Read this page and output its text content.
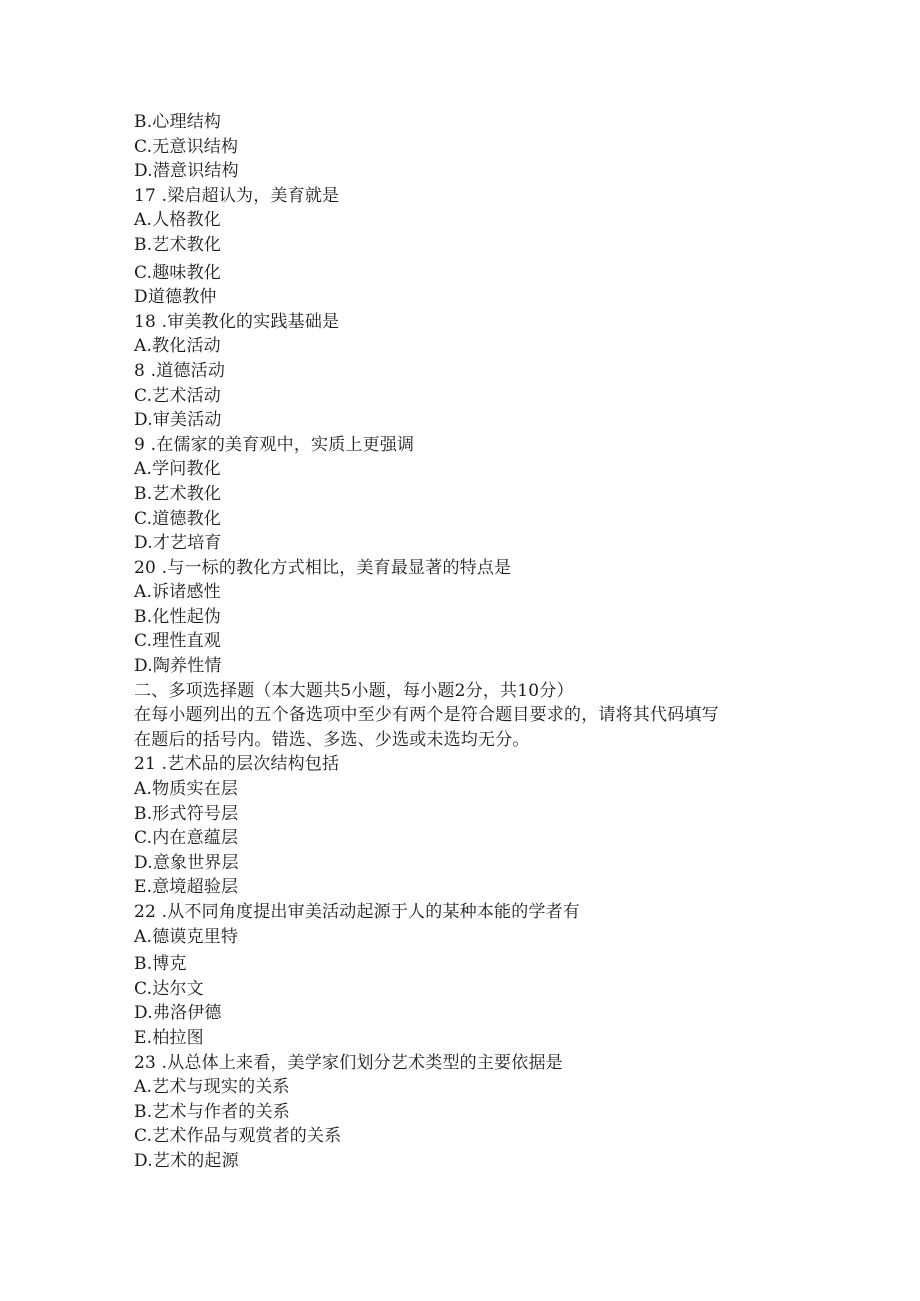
B.心理结构
C.无意识结构
D.潜意识结构
17 .梁启超认为，美育就是
A.人格教化
B.艺术教化
C.趣味教化
D道德教仲
18 .审美教化的实践基础是
A.教化活动
8 .道德活动
C.艺术活动
D.审美活动
9 .在儒家的美育观中，实质上更强调
A.学问教化
B.艺术教化
C.道德教化
D.才艺培育
20 .与一标的教化方式相比，美育最显著的特点是
A.诉诸感性
B.化性起伪
C.理性直观
D.陶养性情
二、多项选择题（本大题共5小题，每小题2分，共10分）
在每小题列出的五个备选项中至少有两个是符合题目要求的，请将其代码填写
在题后的括号内。错选、多选、少选或未选均无分。
21 .艺术品的层次结构包括
A.物质实在层
B.形式符号层
C.内在意蕴层
D.意象世界层
E.意境超验层
22 .从不同角度提出审美活动起源于人的某种本能的学者有
A.德谟克里特
B.博克
C.达尔文
D.弗洛伊德
E.柏拉图
23 .从总体上来看，美学家们划分艺术类型的主要依据是
A.艺术与现实的关系
B.艺术与作者的关系
C.艺术作品与观赏者的关系
D.艺术的起源
